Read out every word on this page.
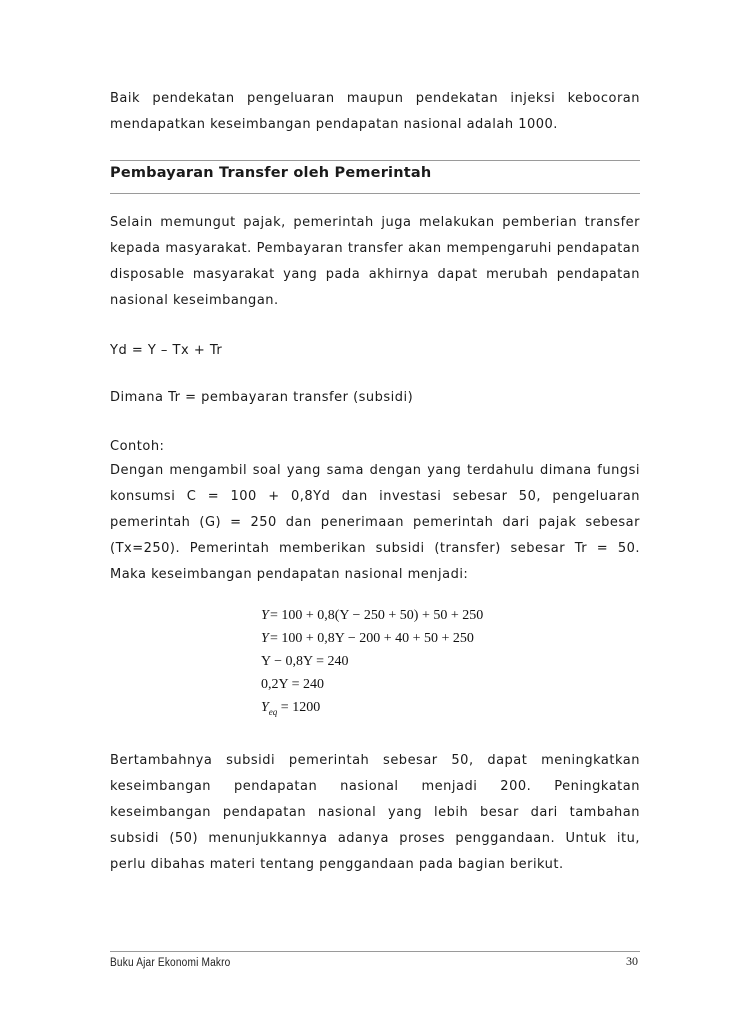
Baik pendekatan pengeluaran maupun pendekatan injeksi kebocoran

mendapatkan keseimbangan pendapatan nasional adalah 1000.

Pembayaran Transfer oleh Pemerintah

Selain memungut pajak, pemerintah juga melakukan pemberian transfer kepada masyarakat. Pembayaran transfer akan mempengaruhi pendapatan disposable masyarakat yang pada akhirnya dapat merubah pendapatan nasional keseimbangan.

Yd = Y – Tx + Tr

Dimana Tr = pembayaran transfer (subsidi)

Contoh:

Dengan mengambil soal yang sama dengan yang terdahulu dimana fungsi konsumsi C = 100 + 0,8Yd dan investasi sebesar 50, pengeluaran pemerintah (G) = 250 dan penerimaan pemerintah dari pajak sebesar (Tx=250). Pemerintah memberikan subsidi (transfer) sebesar Tr = 50. Maka keseimbangan pendapatan nasional menjadi:

Y = 100 + 0,8(Y − 250 + 50) + 50 + 250
Y = 100 + 0,8Y − 200 + 40 + 50 + 250
Y − 0,8Y = 240
0,2Y = 240
$Y_{eq} = 1200$

Bertambahnya subsidi pemerintah sebesar 50, dapat meningkatkan keseimbangan pendapatan nasional menjadi 200. Peningkatan keseimbangan pendapatan nasional yang lebih besar dari tambahan subsidi (50) menunjukkannya adanya proses penggandaan. Untuk itu, perlu dibahas materi tentang penggandaan pada bagian berikut.

Buku Ajar Ekonomi Makro	30
